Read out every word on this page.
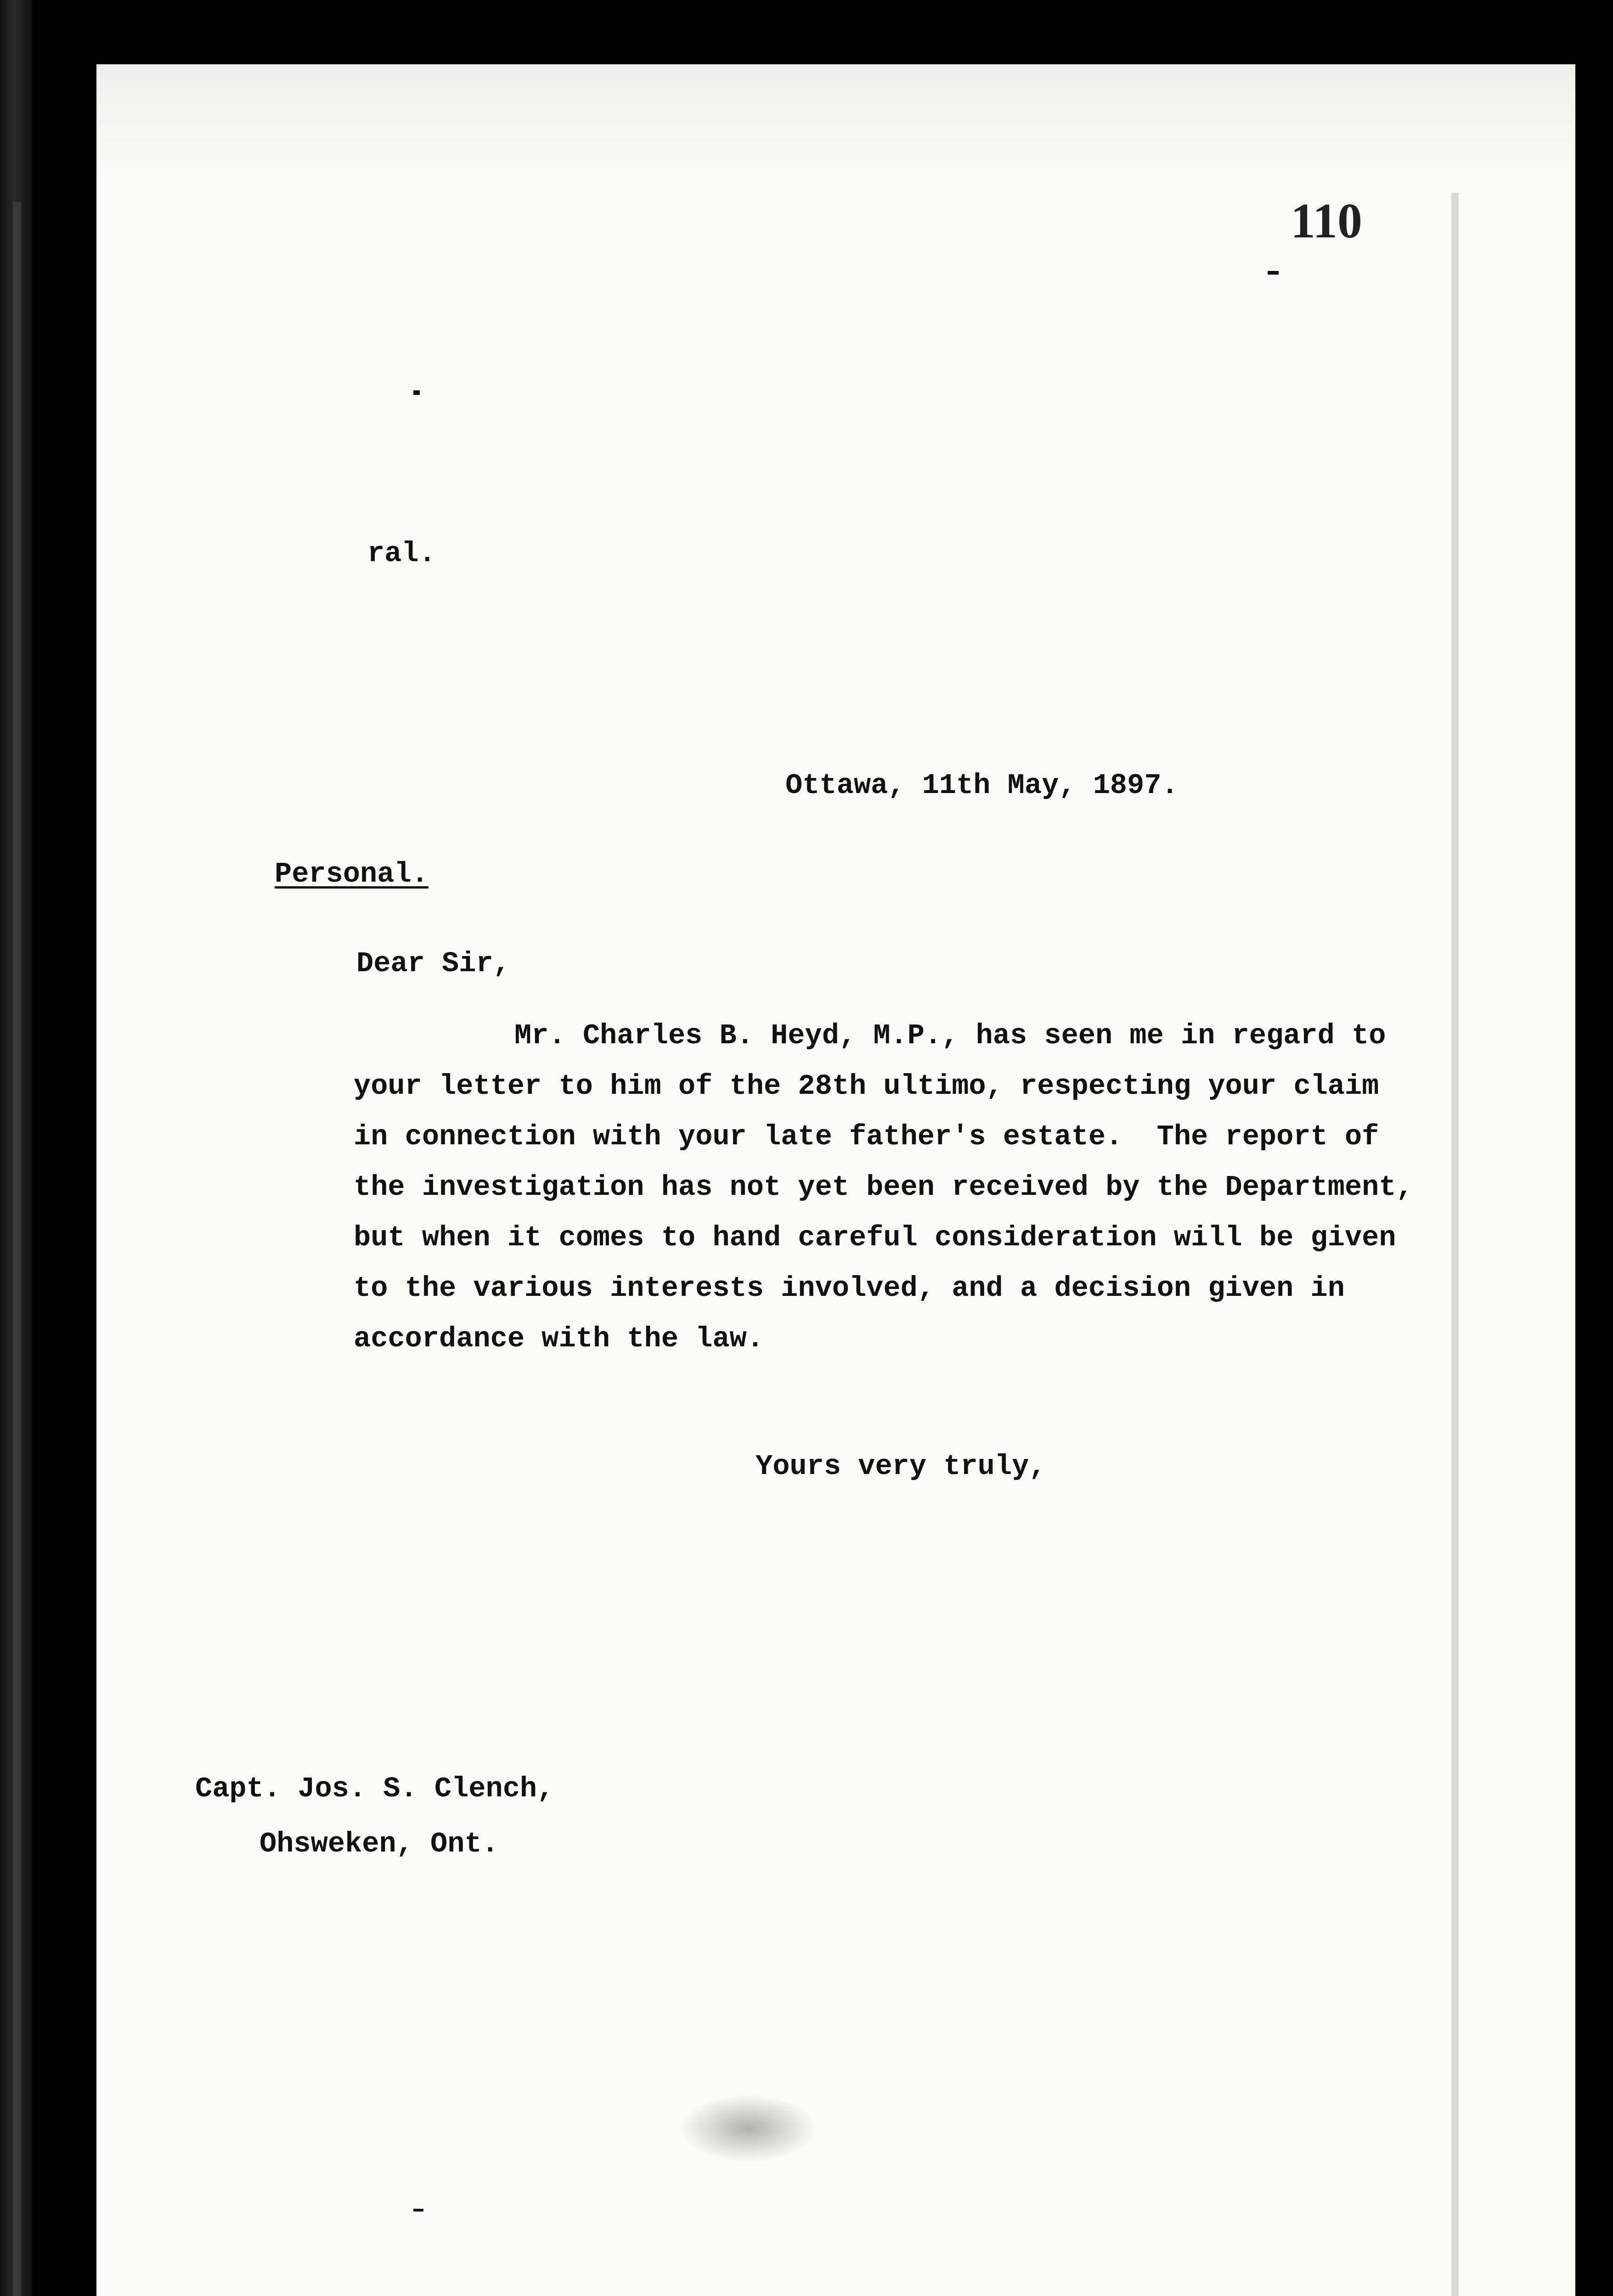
110
ral.
Ottawa, 11th May, 1897.
Personal.
Dear Sir,
Mr. Charles B. Heyd, M.P., has seen me in regard to
your letter to him of the 28th ultimo, respecting your claim
in connection with your late father's estate.  The report of
the investigation has not yet been received by the Department,
but when it comes to hand careful consideration will be given
to the various interests involved, and a decision given in
accordance with the law.
Yours very truly,
Capt. Jos. S. Clench,
Ohsweken, Ont.
